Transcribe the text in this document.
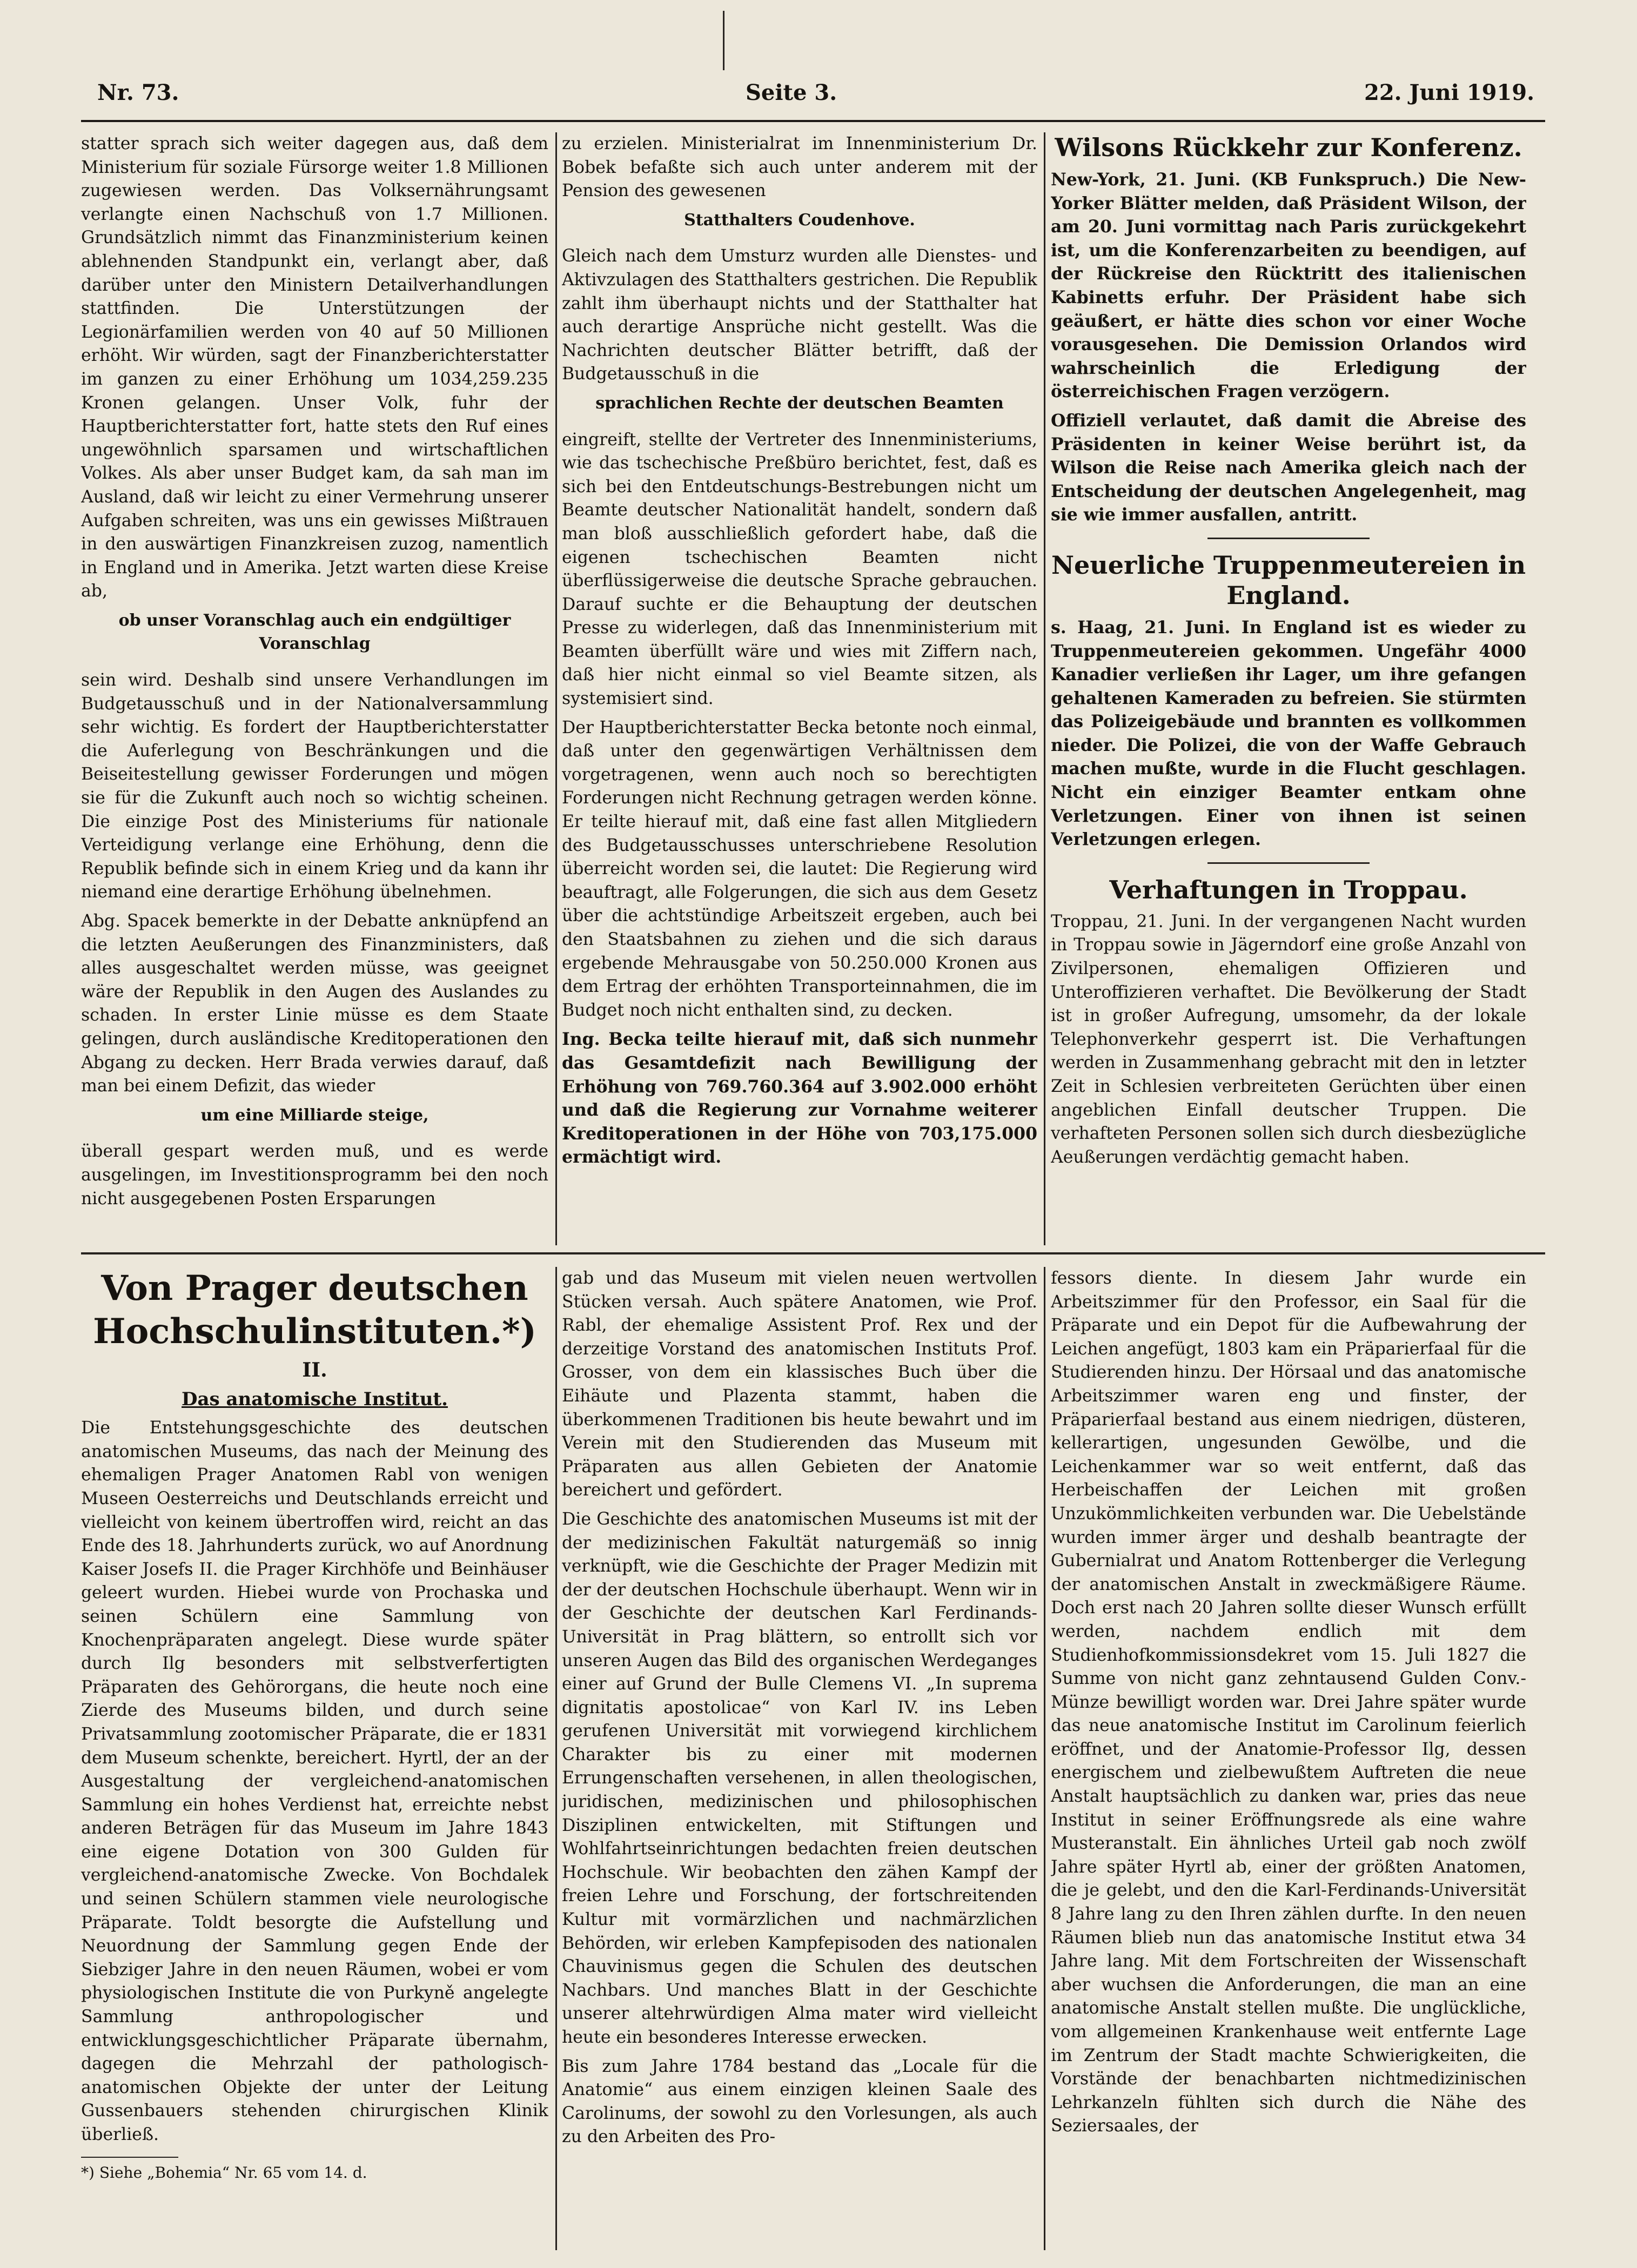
Nr. 73.	Seite 3.	22. Juni 1919.

statter sprach sich weiter dagegen aus, daß dem Ministerium für soziale Fürsorge weiter 1.8 Millionen zugewiesen werden. Das Volksernährungsamt verlangte einen Nachschuß von 1.7 Millionen. Grundsätzlich nimmt das Finanzministerium keinen ablehnenden Standpunkt ein, verlangt aber, daß darüber unter den Ministern Detailverhandlungen stattfinden. Die Unterstützungen der Legionärfamilien werden von 40 auf 50 Millionen erhöht. Wir würden, sagt der Finanzberichterstatter im ganzen zu einer Erhöhung um 1034,259.235 Kronen gelangen. Unser Volk, fuhr der Hauptberichterstatter fort, hatte stets den Ruf eines ungewöhnlich sparsamen und wirtschaftlichen Volkes. Als aber unser Budget kam, da sah man im Ausland, daß wir leicht zu einer Vermehrung unserer Aufgaben schreiten, was uns ein gewisses Mißtrauen in den auswärtigen Finanzkreisen zuzog, namentlich in England und in Amerika. Jetzt warten diese Kreise ab,

ob unser Voranschlag auch ein endgültiger Voranschlag

sein wird. Deshalb sind unsere Verhandlungen im Budgetausschuß und in der Nationalversammlung sehr wichtig. Es fordert der Hauptberichterstatter die Auferlegung von Beschränkungen und die Beiseitestellung gewisser Forderungen und mögen sie für die Zukunft auch noch so wichtig scheinen. Die einzige Post des Ministeriums für nationale Verteidigung verlange eine Erhöhung, denn die Republik befinde sich in einem Krieg und da kann ihr niemand eine derartige Erhöhung übelnehmen.

Abg. Spacek bemerkte in der Debatte anknüpfend an die letzten Aeußerungen des Finanzministers, daß alles ausgeschaltet werden müsse, was geeignet wäre der Republik in den Augen des Auslandes zu schaden. In erster Linie müsse es dem Staate gelingen, durch ausländische Kreditoperationen den Abgang zu decken. Herr Brada verwies darauf, daß man bei einem Defizit, das wieder

um eine Milliarde steige,

überall gespart werden muß, und es werde ausgelingen, im Investitionsprogramm bei den noch nicht ausgegebenen Posten Ersparungen

zu erzielen. Ministerialrat im Innenministerium Dr. Bobek befaßte sich auch unter anderem mit der Pension des gewesenen

Statthalters Coudenhove.

Gleich nach dem Umsturz wurden alle Dienstes- und Aktivzulagen des Statthalters gestrichen. Die Republik zahlt ihm überhaupt nichts und der Statthalter hat auch derartige Ansprüche nicht gestellt. Was die Nachrichten deutscher Blätter betrifft, daß der Budgetausschuß in die

sprachlichen Rechte der deutschen Beamten

eingreift, stellte der Vertreter des Innenministeriums, wie das tschechische Preßbüro berichtet, fest, daß es sich bei den Entdeutschungs-Bestrebungen nicht um Beamte deutscher Nationalität handelt, sondern daß man bloß ausschließlich gefordert habe, daß die eigenen tschechischen Beamten nicht überflüssigerweise die deutsche Sprache gebrauchen. Darauf suchte er die Behauptung der deutschen Presse zu widerlegen, daß das Innenministerium mit Beamten überfüllt wäre und wies mit Ziffern nach, daß hier nicht einmal so viel Beamte sitzen, als systemisiert sind.

Der Hauptberichterstatter Becka betonte noch einmal, daß unter den gegenwärtigen Verhältnissen dem vorgetragenen, wenn auch noch so berechtigten Forderungen nicht Rechnung getragen werden könne. Er teilte hierauf mit, daß eine fast allen Mitgliedern des Budgetausschusses unterschriebene Resolution überreicht worden sei, die lautet: Die Regierung wird beauftragt, alle Folgerungen, die sich aus dem Gesetz über die achtstündige Arbeitszeit ergeben, auch bei den Staatsbahnen zu ziehen und die sich daraus ergebende Mehrausgabe von 50.250.000 Kronen aus dem Ertrag der erhöhten Transporteinnahmen, die im Budget noch nicht enthalten sind, zu decken.

Ing. Becka teilte hierauf mit, daß sich nunmehr das Gesamtdefizit nach Bewilligung der Erhöhung von 769.760.364 auf 3.902.000 erhöht und daß die Regierung zur Vornahme weiterer Kreditoperationen in der Höhe von 703,175.000 ermächtigt wird.

Wilsons Rückkehr zur Konferenz.

New-York, 21. Juni. (KB Funkspruch.) Die New-Yorker Blätter melden, daß Präsident Wilson, der am 20. Juni vormittag nach Paris zurückgekehrt ist, um die Konferenzarbeiten zu beendigen, auf der Rückreise den Rücktritt des italienischen Kabinetts erfuhr. Der Präsident habe sich geäußert, er hätte dies schon vor einer Woche vorausgesehen. Die Demission Orlandos wird wahrscheinlich die Erledigung der österreichischen Fragen verzögern.

Offiziell verlautet, daß damit die Abreise des Präsidenten in keiner Weise berührt ist, da Wilson die Reise nach Amerika gleich nach der Entscheidung der deutschen Angelegenheit, mag sie wie immer ausfallen, antritt.

Neuerliche Truppenmeutereien in England.

s. Haag, 21. Juni. In England ist es wieder zu Truppenmeutereien gekommen. Ungefähr 4000 Kanadier verließen ihr Lager, um ihre gefangen gehaltenen Kameraden zu befreien. Sie stürmten das Polizeigebäude und brannten es vollkommen nieder. Die Polizei, die von der Waffe Gebrauch machen mußte, wurde in die Flucht geschlagen. Nicht ein einziger Beamter entkam ohne Verletzungen. Einer von ihnen ist seinen Verletzungen erlegen.

Verhaftungen in Troppau.

Troppau, 21. Juni. In der vergangenen Nacht wurden in Troppau sowie in Jägerndorf eine große Anzahl von Zivilpersonen, ehemaligen Offizieren und Unteroffizieren verhaftet. Die Bevölkerung der Stadt ist in großer Aufregung, umsomehr, da der lokale Telephonverkehr gesperrt ist. Die Verhaftungen werden in Zusammenhang gebracht mit den in letzter Zeit in Schlesien verbreiteten Gerüchten über einen angeblichen Einfall deutscher Truppen. Die verhafteten Personen sollen sich durch diesbezügliche Aeußerungen verdächtig gemacht haben.

Von Prager deutschen Hochschulinstituten.*)

II.

Das anatomische Institut.

Die Entstehungsgeschichte des deutschen anatomischen Museums, das nach der Meinung des ehemaligen Prager Anatomen Rabl von wenigen Museen Oesterreichs und Deutschlands erreicht und vielleicht von keinem übertroffen wird, reicht an das Ende des 18. Jahrhunderts zurück, wo auf Anordnung Kaiser Josefs II. die Prager Kirchhöfe und Beinhäuser geleert wurden. Hiebei wurde von Prochaska und seinen Schülern eine Sammlung von Knochenpräparaten angelegt. Diese wurde später durch Ilg besonders mit selbstverfertigten Präparaten des Gehörorgans, die heute noch eine Zierde des Museums bilden, und durch seine Privatsammlung zootomischer Präparate, die er 1831 dem Museum schenkte, bereichert. Hyrtl, der an der Ausgestaltung der vergleichend-anatomischen Sammlung ein hohes Verdienst hat, erreichte nebst anderen Beträgen für das Museum im Jahre 1843 eine eigene Dotation von 300 Gulden für vergleichend-anatomische Zwecke. Von Bochdalek und seinen Schülern stammen viele neurologische Präparate. Toldt besorgte die Aufstellung und Neuordnung der Sammlung gegen Ende der Siebziger Jahre in den neuen Räumen, wobei er vom physiologischen Institute die von Purkyně angelegte Sammlung anthropologischer und entwicklungsgeschichtlicher Präparate übernahm, dagegen die Mehrzahl der pathologisch-anatomischen Objekte der unter der Leitung Gussenbauers stehenden chirurgischen Klinik überließ.

*) Siehe „Bohemia“ Nr. 65 vom 14. d.

gab und das Museum mit vielen neuen wertvollen Stücken versah. Auch spätere Anatomen, wie Prof. Rabl, der ehemalige Assistent Prof. Rex und der derzeitige Vorstand des anatomischen Instituts Prof. Grosser, von dem ein klassisches Buch über die Eihäute und Plazenta stammt, haben die überkommenen Traditionen bis heute bewahrt und im Verein mit den Studierenden das Museum mit Präparaten aus allen Gebieten der Anatomie bereichert und gefördert.

Die Geschichte des anatomischen Museums ist mit der der medizinischen Fakultät naturgemäß so innig verknüpft, wie die Geschichte der Prager Medizin mit der der deutschen Hochschule überhaupt. Wenn wir in der Geschichte der deutschen Karl Ferdinands-Universität in Prag blättern, so entrollt sich vor unseren Augen das Bild des organischen Werdeganges einer auf Grund der Bulle Clemens VI. „In suprema dignitatis apostolicae“ von Karl IV. ins Leben gerufenen Universität mit vorwiegend kirchlichem Charakter bis zu einer mit modernen Errungenschaften versehenen, in allen theologischen, juridischen, medizinischen und philosophischen Disziplinen entwickelten, mit Stiftungen und Wohlfahrtseinrichtungen bedachten freien deutschen Hochschule. Wir beobachten den zähen Kampf der freien Lehre und Forschung, der fortschreitenden Kultur mit vormärzlichen und nachmärzlichen Behörden, wir erleben Kampfepisoden des nationalen Chauvinismus gegen die Schulen des deutschen Nachbars. Und manches Blatt in der Geschichte unserer altehrwürdigen Alma mater wird vielleicht heute ein besonderes Interesse erwecken.

Bis zum Jahre 1784 bestand das „Locale für die Anatomie“ aus einem einzigen kleinen Saale des Carolinums, der sowohl zu den Vorlesungen, als auch zu den Arbeiten des Pro-

fessors diente. In diesem Jahr wurde ein Arbeitszimmer für den Professor, ein Saal für die Präparate und ein Depot für die Aufbewahrung der Leichen angefügt, 1803 kam ein Präparierfaal für die Studierenden hinzu. Der Hörsaal und das anatomische Arbeitszimmer waren eng und finster, der Präparierfaal bestand aus einem niedrigen, düsteren, kellerartigen, ungesunden Gewölbe, und die Leichenkammer war so weit entfernt, daß das Herbeischaffen der Leichen mit großen Unzukömmlichkeiten verbunden war. Die Uebelstände wurden immer ärger und deshalb beantragte der Gubernialrat und Anatom Rottenberger die Verlegung der anatomischen Anstalt in zweckmäßigere Räume. Doch erst nach 20 Jahren sollte dieser Wunsch erfüllt werden, nachdem endlich mit dem Studienhofkommissionsdekret vom 15. Juli 1827 die Summe von nicht ganz zehntausend Gulden Conv.-Münze bewilligt worden war. Drei Jahre später wurde das neue anatomische Institut im Carolinum feierlich eröffnet, und der Anatomie-Professor Ilg, dessen energischem und zielbewußtem Auftreten die neue Anstalt hauptsächlich zu danken war, pries das neue Institut in seiner Eröffnungsrede als eine wahre Musteranstalt. Ein ähnliches Urteil gab noch zwölf Jahre später Hyrtl ab, einer der größten Anatomen, die je gelebt, und den die Karl-Ferdinands-Universität 8 Jahre lang zu den Ihren zählen durfte. In den neuen Räumen blieb nun das anatomische Institut etwa 34 Jahre lang. Mit dem Fortschreiten der Wissenschaft aber wuchsen die Anforderungen, die man an eine anatomische Anstalt stellen mußte. Die unglückliche, vom allgemeinen Krankenhause weit entfernte Lage im Zentrum der Stadt machte Schwierigkeiten, die Vorstände der benachbarten nichtmedizinischen Lehrkanzeln fühlten sich durch die Nähe des Seziersaales, der
